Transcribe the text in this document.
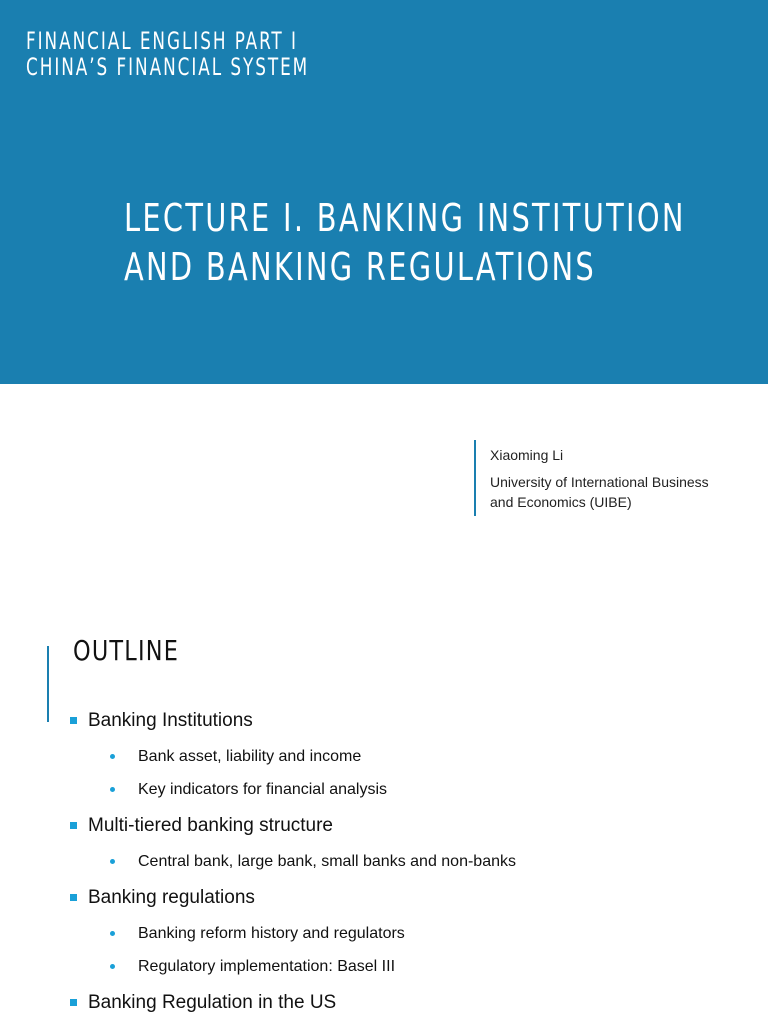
FINANCIAL ENGLISH PART I
CHINA’S FINANCIAL SYSTEM
LECTURE I. BANKING INSTITUTION
AND BANKING REGULATIONS
Xiaoming Li
University of International Business
and Economics (UIBE)
OUTLINE
Banking Institutions
Bank asset, liability and income
Key indicators for financial analysis
Multi-tiered banking structure
Central bank, large bank, small banks and non-banks
Banking regulations
Banking reform history and regulators
Regulatory implementation: Basel III
Banking Regulation in the US
